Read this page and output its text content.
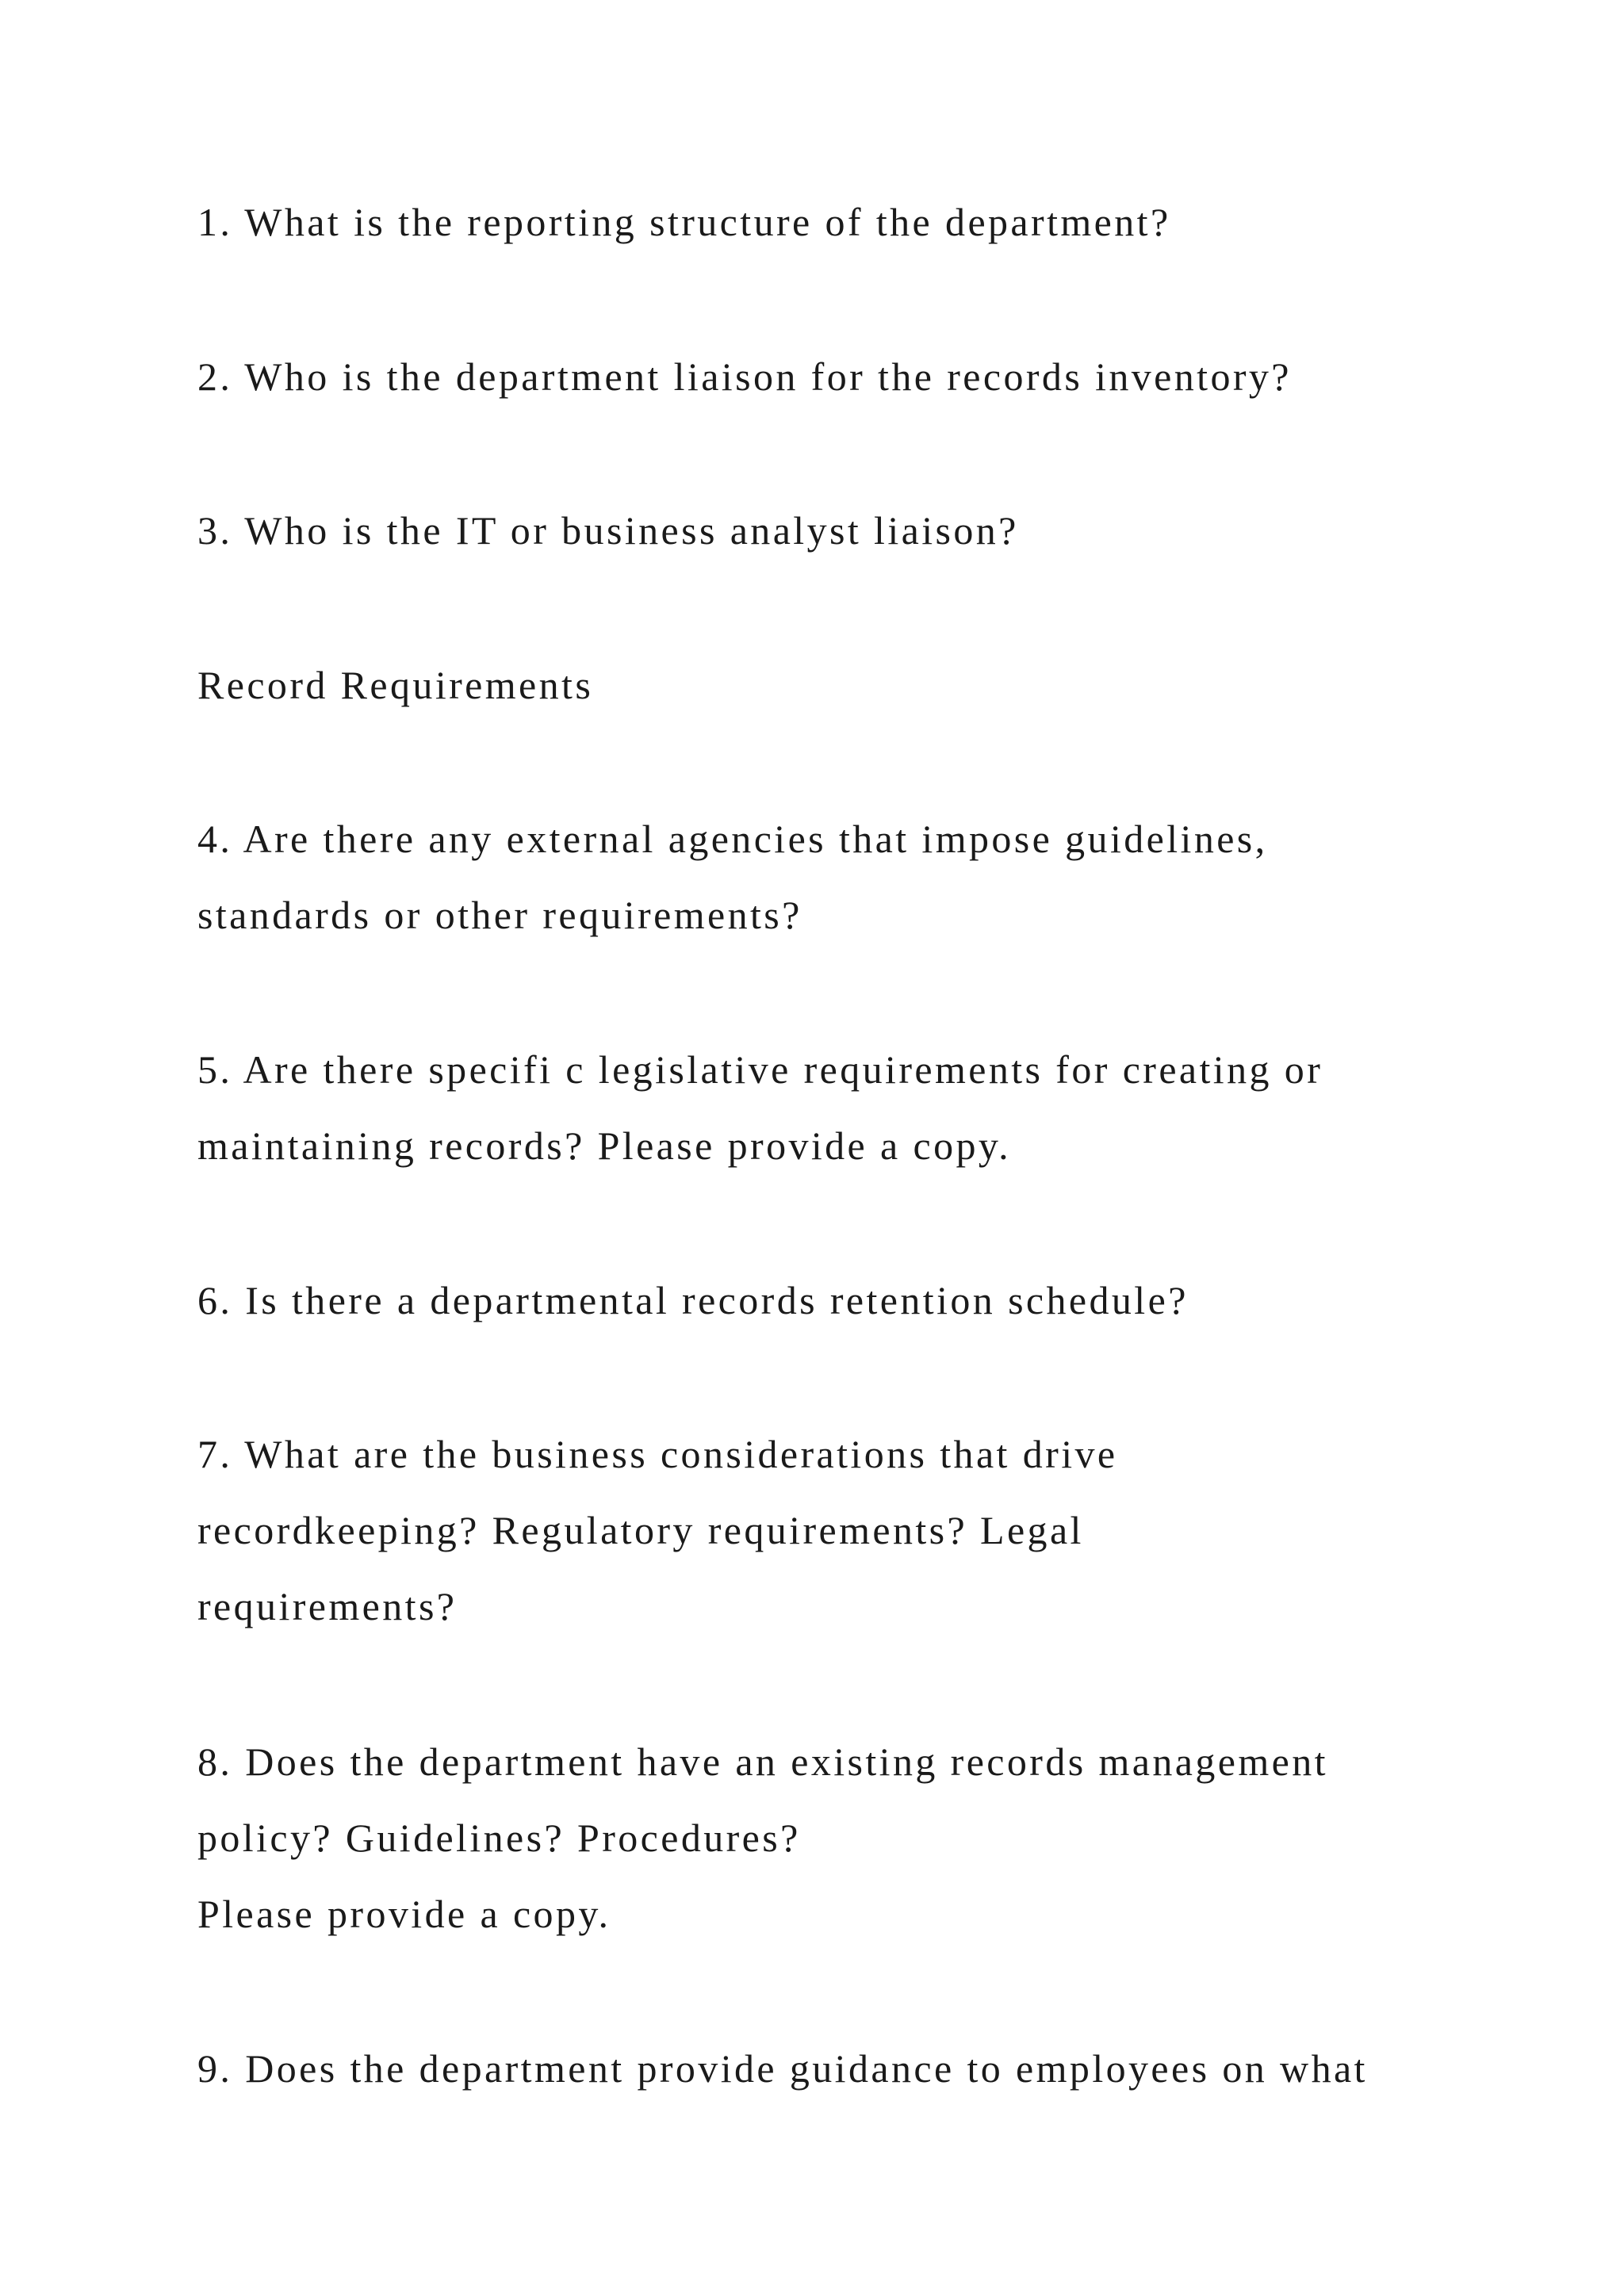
1. What is the reporting structure of the department?
2. Who is the department liaison for the records inventory?
3. Who is the IT or business analyst liaison?
Record Requirements
4. Are there any external agencies that impose guidelines,
standards or other requirements?
5. Are there specifi c legislative requirements for creating or
maintaining records? Please provide a copy.
6. Is there a departmental records retention schedule?
7. What are the business considerations that drive
recordkeeping? Regulatory requirements? Legal
requirements?
8. Does the department have an existing records management
policy? Guidelines? Procedures?
Please provide a copy.
9. Does the department provide guidance to employees on what
